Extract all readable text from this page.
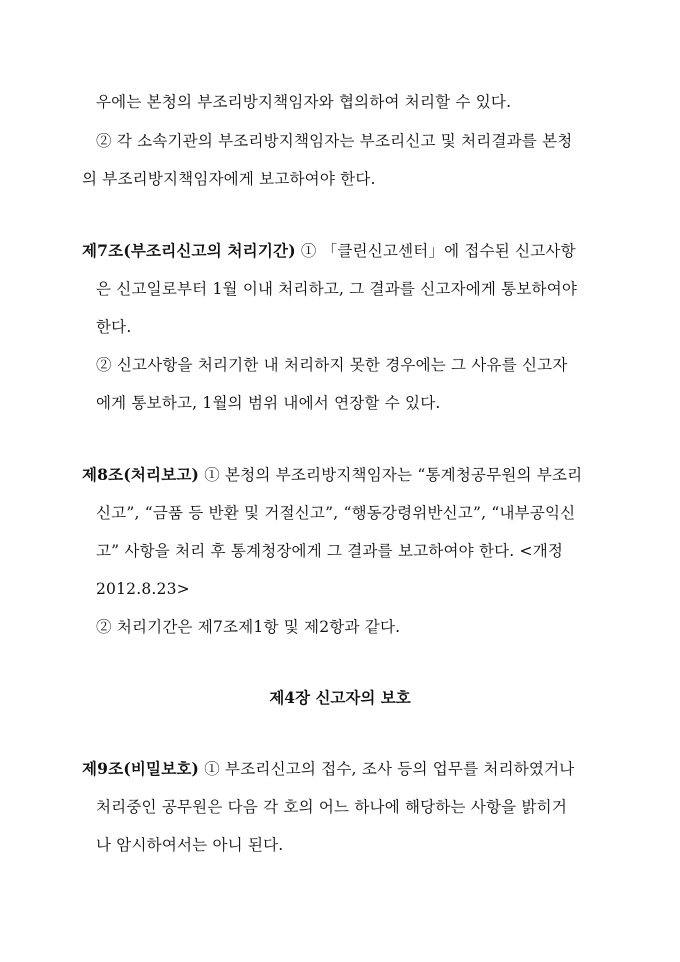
우에는 본청의 부조리방지책임자와 협의하여 처리할 수 있다.
② 각 소속기관의 부조리방지책임자는 부조리신고 및 처리결과를 본청
의 부조리방지책임자에게 보고하여야 한다.
제7조(부조리신고의 처리기간) ① 「클린신고센터」에 접수된 신고사항
은 신고일로부터 1월 이내 처리하고, 그 결과를 신고자에게 통보하여야
한다.
② 신고사항을 처리기한 내 처리하지 못한 경우에는 그 사유를 신고자
에게 통보하고, 1월의 범위 내에서 연장할 수 있다.
제8조(처리보고) ① 본청의 부조리방지책임자는 “통계청공무원의 부조리
신고”, “금품 등 반환 및 거절신고”, “행동강령위반신고”, “내부공익신
고” 사항을 처리 후 통계청장에게 그 결과를 보고하여야 한다. <개정
2012.8.23>
② 처리기간은 제7조제1항 및 제2항과 같다.
제4장 신고자의 보호
제9조(비밀보호) ① 부조리신고의 접수, 조사 등의 업무를 처리하였거나
처리중인 공무원은 다음 각 호의 어느 하나에 해당하는 사항을 밝히거
나 암시하여서는 아니 된다.
